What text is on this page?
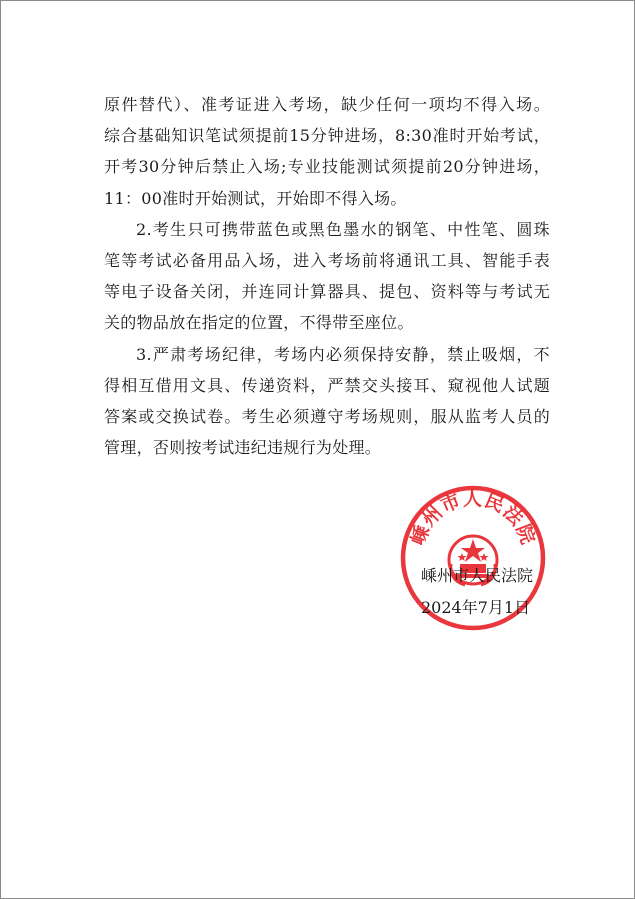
原件替代）、准考证进入考场，缺少任何一项均不得入场。
综合基础知识笔试须提前15分钟进场，8:30准时开始考试，
开考30分钟后禁止入场;专业技能测试须提前20分钟进场，
11：00准时开始测试，开始即不得入场。
2.考生只可携带蓝色或黑色墨水的钢笔、中性笔、圆珠
笔等考试必备用品入场，进入考场前将通讯工具、智能手表
等电子设备关闭，并连同计算器具、提包、资料等与考试无
关的物品放在指定的位置，不得带至座位。
3.严肃考场纪律，考场内必须保持安静，禁止吸烟，不
得相互借用文具、传递资料，严禁交头接耳、窥视他人试题
答案或交换试卷。考生必须遵守考场规则，服从监考人员的
管理，否则按考试违纪违规行为处理。
嵊州市人民法院
嵊州市人民法院
2024年7月1日
